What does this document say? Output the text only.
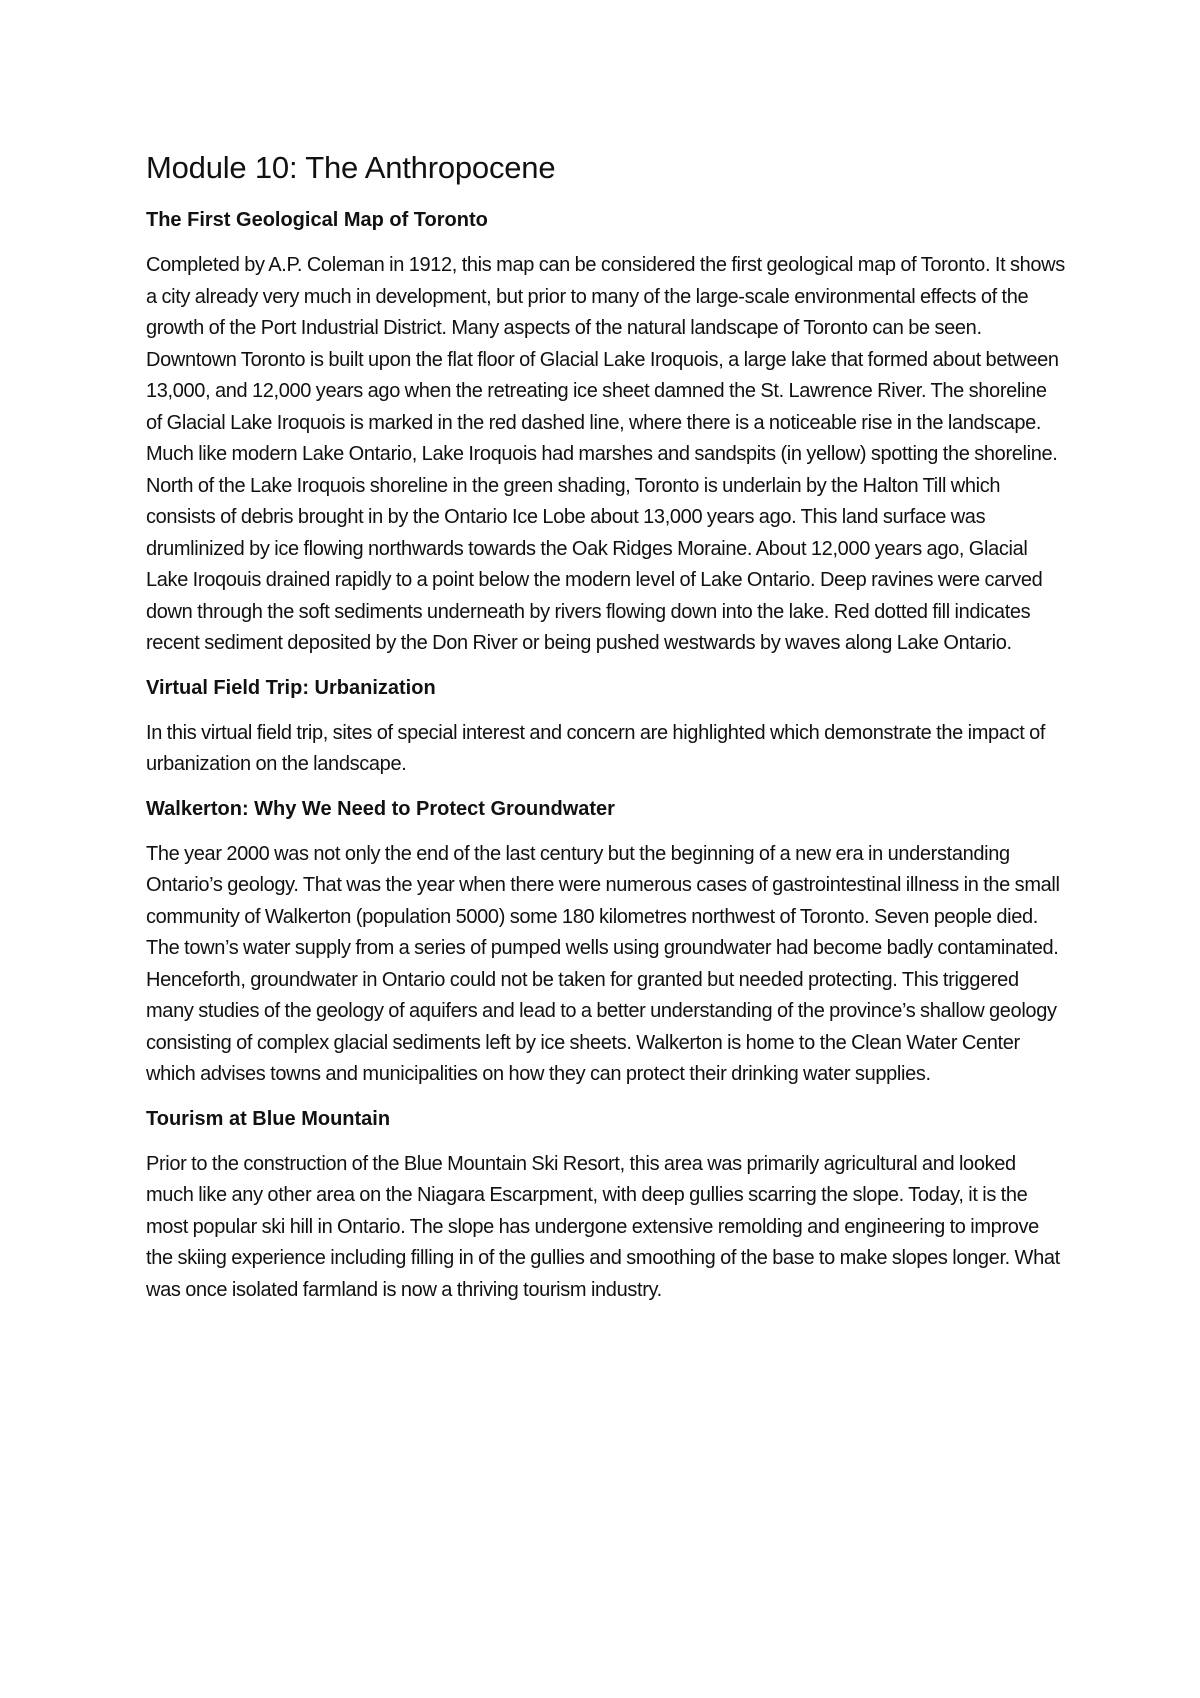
Module 10: The Anthropocene
The First Geological Map of Toronto

Completed by A.P. Coleman in 1912, this map can be considered the first geological map of Toronto. It shows a city already very much in development, but prior to many of the large-scale environmental effects of the growth of the Port Industrial District. Many aspects of the natural landscape of Toronto can be seen. Downtown Toronto is built upon the flat floor of Glacial Lake Iroquois, a large lake that formed about between 13,000, and 12,000 years ago when the retreating ice sheet damned the St. Lawrence River. The shoreline of Glacial Lake Iroquois is marked in the red dashed line, where there is a noticeable rise in the landscape. Much like modern Lake Ontario, Lake Iroquois had marshes and sandspits (in yellow) spotting the shoreline. North of the Lake Iroquois shoreline in the green shading, Toronto is underlain by the Halton Till which consists of debris brought in by the Ontario Ice Lobe about 13,000 years ago. This land surface was drumlinized by ice flowing northwards towards the Oak Ridges Moraine. About 12,000 years ago, Glacial Lake Iroqouis drained rapidly to a point below the modern level of Lake Ontario. Deep ravines were carved down through the soft sediments underneath by rivers flowing down into the lake. Red dotted fill indicates recent sediment deposited by the Don River or being pushed westwards by waves along Lake Ontario.

Virtual Field Trip: Urbanization

In this virtual field trip, sites of special interest and concern are highlighted which demonstrate the impact of urbanization on the landscape.

Walkerton: Why We Need to Protect Groundwater

The year 2000 was not only the end of the last century but the beginning of a new era in understanding Ontario’s geology. That was the year when there were numerous cases of gastrointestinal illness in the small community of Walkerton (population 5000) some 180 kilometres northwest of Toronto. Seven people died. The town’s water supply from a series of pumped wells using groundwater had become badly contaminated. Henceforth, groundwater in Ontario could not be taken for granted but needed protecting. This triggered many studies of the geology of aquifers and lead to a better understanding of the province’s shallow geology consisting of complex glacial sediments left by ice sheets. Walkerton is home to the Clean Water Center which advises towns and municipalities on how they can protect their drinking water supplies.

Tourism at Blue Mountain

Prior to the construction of the Blue Mountain Ski Resort, this area was primarily agricultural and looked much like any other area on the Niagara Escarpment, with deep gullies scarring the slope. Today, it is the most popular ski hill in Ontario. The slope has undergone extensive remolding and engineering to improve the skiing experience including filling in of the gullies and smoothing of the base to make slopes longer. What was once isolated farmland is now a thriving tourism industry.
